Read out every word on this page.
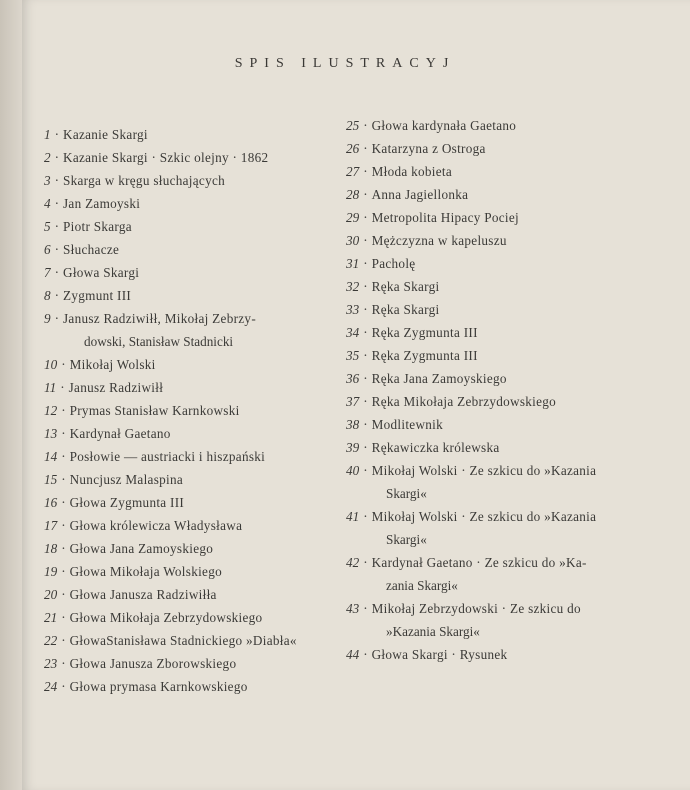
SPIS ILUSTRACYJ
1 · Kazanie Skargi
2 · Kazanie Skargi · Szkic olejny · 1862
3 · Skarga w kręgu słuchających
4 · Jan Zamoyski
5 · Piotr Skarga
6 · Słuchacze
7 · Głowa Skargi
8 · Zygmunt III
9 · Janusz Radziwiłł, Mikołaj Zebrzy-
dowski, Stanisław Stadnicki
10 · Mikołaj Wolski
11 · Janusz Radziwiłł
12 · Prymas Stanisław Karnkowski
13 · Kardynał Gaetano
14 · Posłowie — austriacki i hiszpański
15 · Nuncjusz Malaspina
16 · Głowa Zygmunta III
17 · Głowa królewicza Władysława
18 · Głowa Jana Zamoyskiego
19 · Głowa Mikołaja Wolskiego
20 · Głowa Janusza Radziwiłła
21 · Głowa Mikołaja Zebrzydowskiego
22 · GłowaStanisława Stadnickiego »Diabła«
23 · Głowa Janusza Zborowskiego
24 · Głowa prymasa Karnkowskiego
25 · Głowa kardynała Gaetano
26 · Katarzyna z Ostroga
27 · Młoda kobieta
28 · Anna Jagiellonka
29 · Metropolita Hipacy Pociej
30 · Mężczyzna w kapeluszu
31 · Pacholę
32 · Ręka Skargi
33 · Ręka Skargi
34 · Ręka Zygmunta III
35 · Ręka Zygmunta III
36 · Ręka Jana Zamoyskiego
37 · Ręka Mikołaja Zebrzydowskiego
38 · Modlitewnik
39 · Rękawiczka królewska
40 · Mikołaj Wolski · Ze szkicu do »Kazania
Skargi«
41 · Mikołaj Wolski · Ze szkicu do »Kazania
Skargi«
42 · Kardynał Gaetano · Ze szkicu do »Ka-
zania Skargi«
43 · Mikołaj Zebrzydowski · Ze szkicu do
»Kazania Skargi«
44 · Głowa Skargi · Rysunek
